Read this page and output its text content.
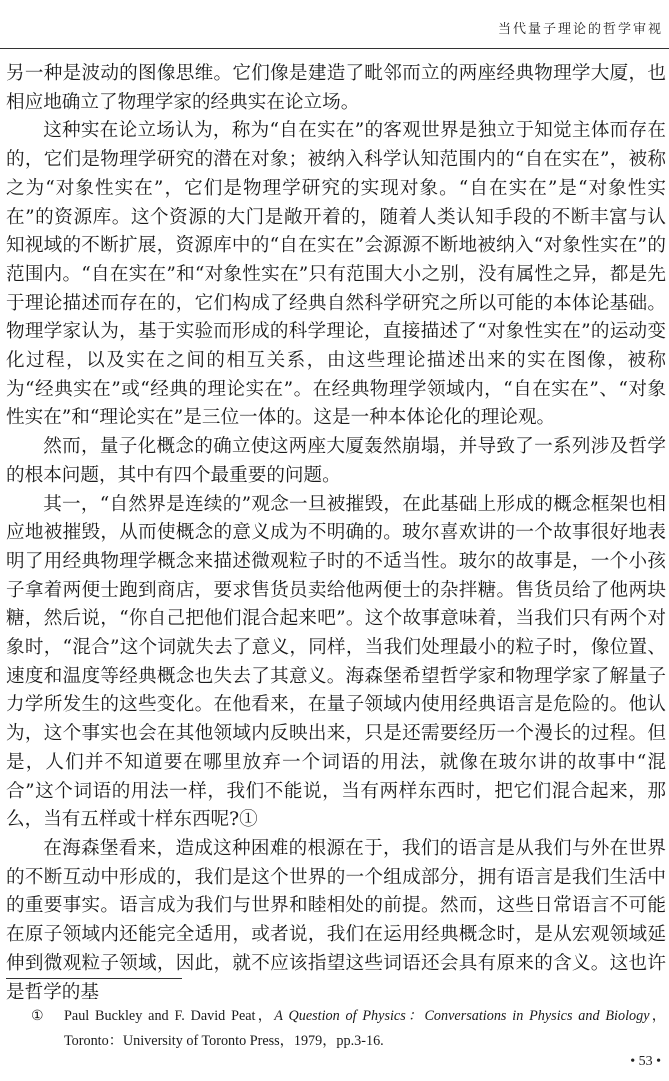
当代量子理论的哲学审视

另一种是波动的图像思维。它们像是建造了毗邻而立的两座经典物理学大厦，也相应地确立了物理学家的经典实在论立场。

这种实在论立场认为，称为“自在实在”的客观世界是独立于知觉主体而存在的，它们是物理学研究的潜在对象；被纳入科学认知范围内的“自在实在”，被称之为“对象性实在”，它们是物理学研究的实现对象。“自在实在”是“对象性实在”的资源库。这个资源的大门是敞开着的，随着人类认知手段的不断丰富与认知视域的不断扩展，资源库中的“自在实在”会源源不断地被纳入“对象性实在”的范围内。“自在实在”和“对象性实在”只有范围大小之别，没有属性之异，都是先于理论描述而存在的，它们构成了经典自然科学研究之所以可能的本体论基础。物理学家认为，基于实验而形成的科学理论，直接描述了“对象性实在”的运动变化过程，以及实在之间的相互关系，由这些理论描述出来的实在图像，被称为“经典实在”或“经典的理论实在”。在经典物理学领域内，“自在实在”、“对象性实在”和“理论实在”是三位一体的。这是一种本体论化的理论观。

然而，量子化概念的确立使这两座大厦轰然崩塌，并导致了一系列涉及哲学的根本问题，其中有四个最重要的问题。

其一，“自然界是连续的”观念一旦被摧毁，在此基础上形成的概念框架也相应地被摧毁，从而使概念的意义成为不明确的。玻尔喜欢讲的一个故事很好地表明了用经典物理学概念来描述微观粒子时的不适当性。玻尔的故事是，一个小孩子拿着两便士跑到商店，要求售货员卖给他两便士的杂拌糖。售货员给了他两块糖，然后说，“你自己把他们混合起来吧”。这个故事意味着，当我们只有两个对象时，“混合”这个词就失去了意义，同样，当我们处理最小的粒子时，像位置、速度和温度等经典概念也失去了其意义。海森堡希望哲学家和物理学家了解量子力学所发生的这些变化。在他看来，在量子领域内使用经典语言是危险的。他认为，这个事实也会在其他领域内反映出来，只是还需要经历一个漫长的过程。但是，人们并不知道要在哪里放弃一个词语的用法，就像在玻尔讲的故事中“混合”这个词语的用法一样，我们不能说，当有两样东西时，把它们混合起来，那么，当有五样或十样东西呢?①

在海森堡看来，造成这种困难的根源在于，我们的语言是从我们与外在世界的不断互动中形成的，我们是这个世界的一个组成部分，拥有语言是我们生活中的重要事实。语言成为我们与世界和睦相处的前提。然而，这些日常语言不可能在原子领域内还能完全适用，或者说，我们在运用经典概念时，是从宏观领域延伸到微观粒子领域，因此，就不应该指望这些词语还会具有原来的含义。这也许是哲学的基

① Paul Buckley and F. David Peat，A Question of Physics：Conversations in Physics and Biology，Toronto：University of Toronto Press，1979，pp.3-16.
• 53 •
